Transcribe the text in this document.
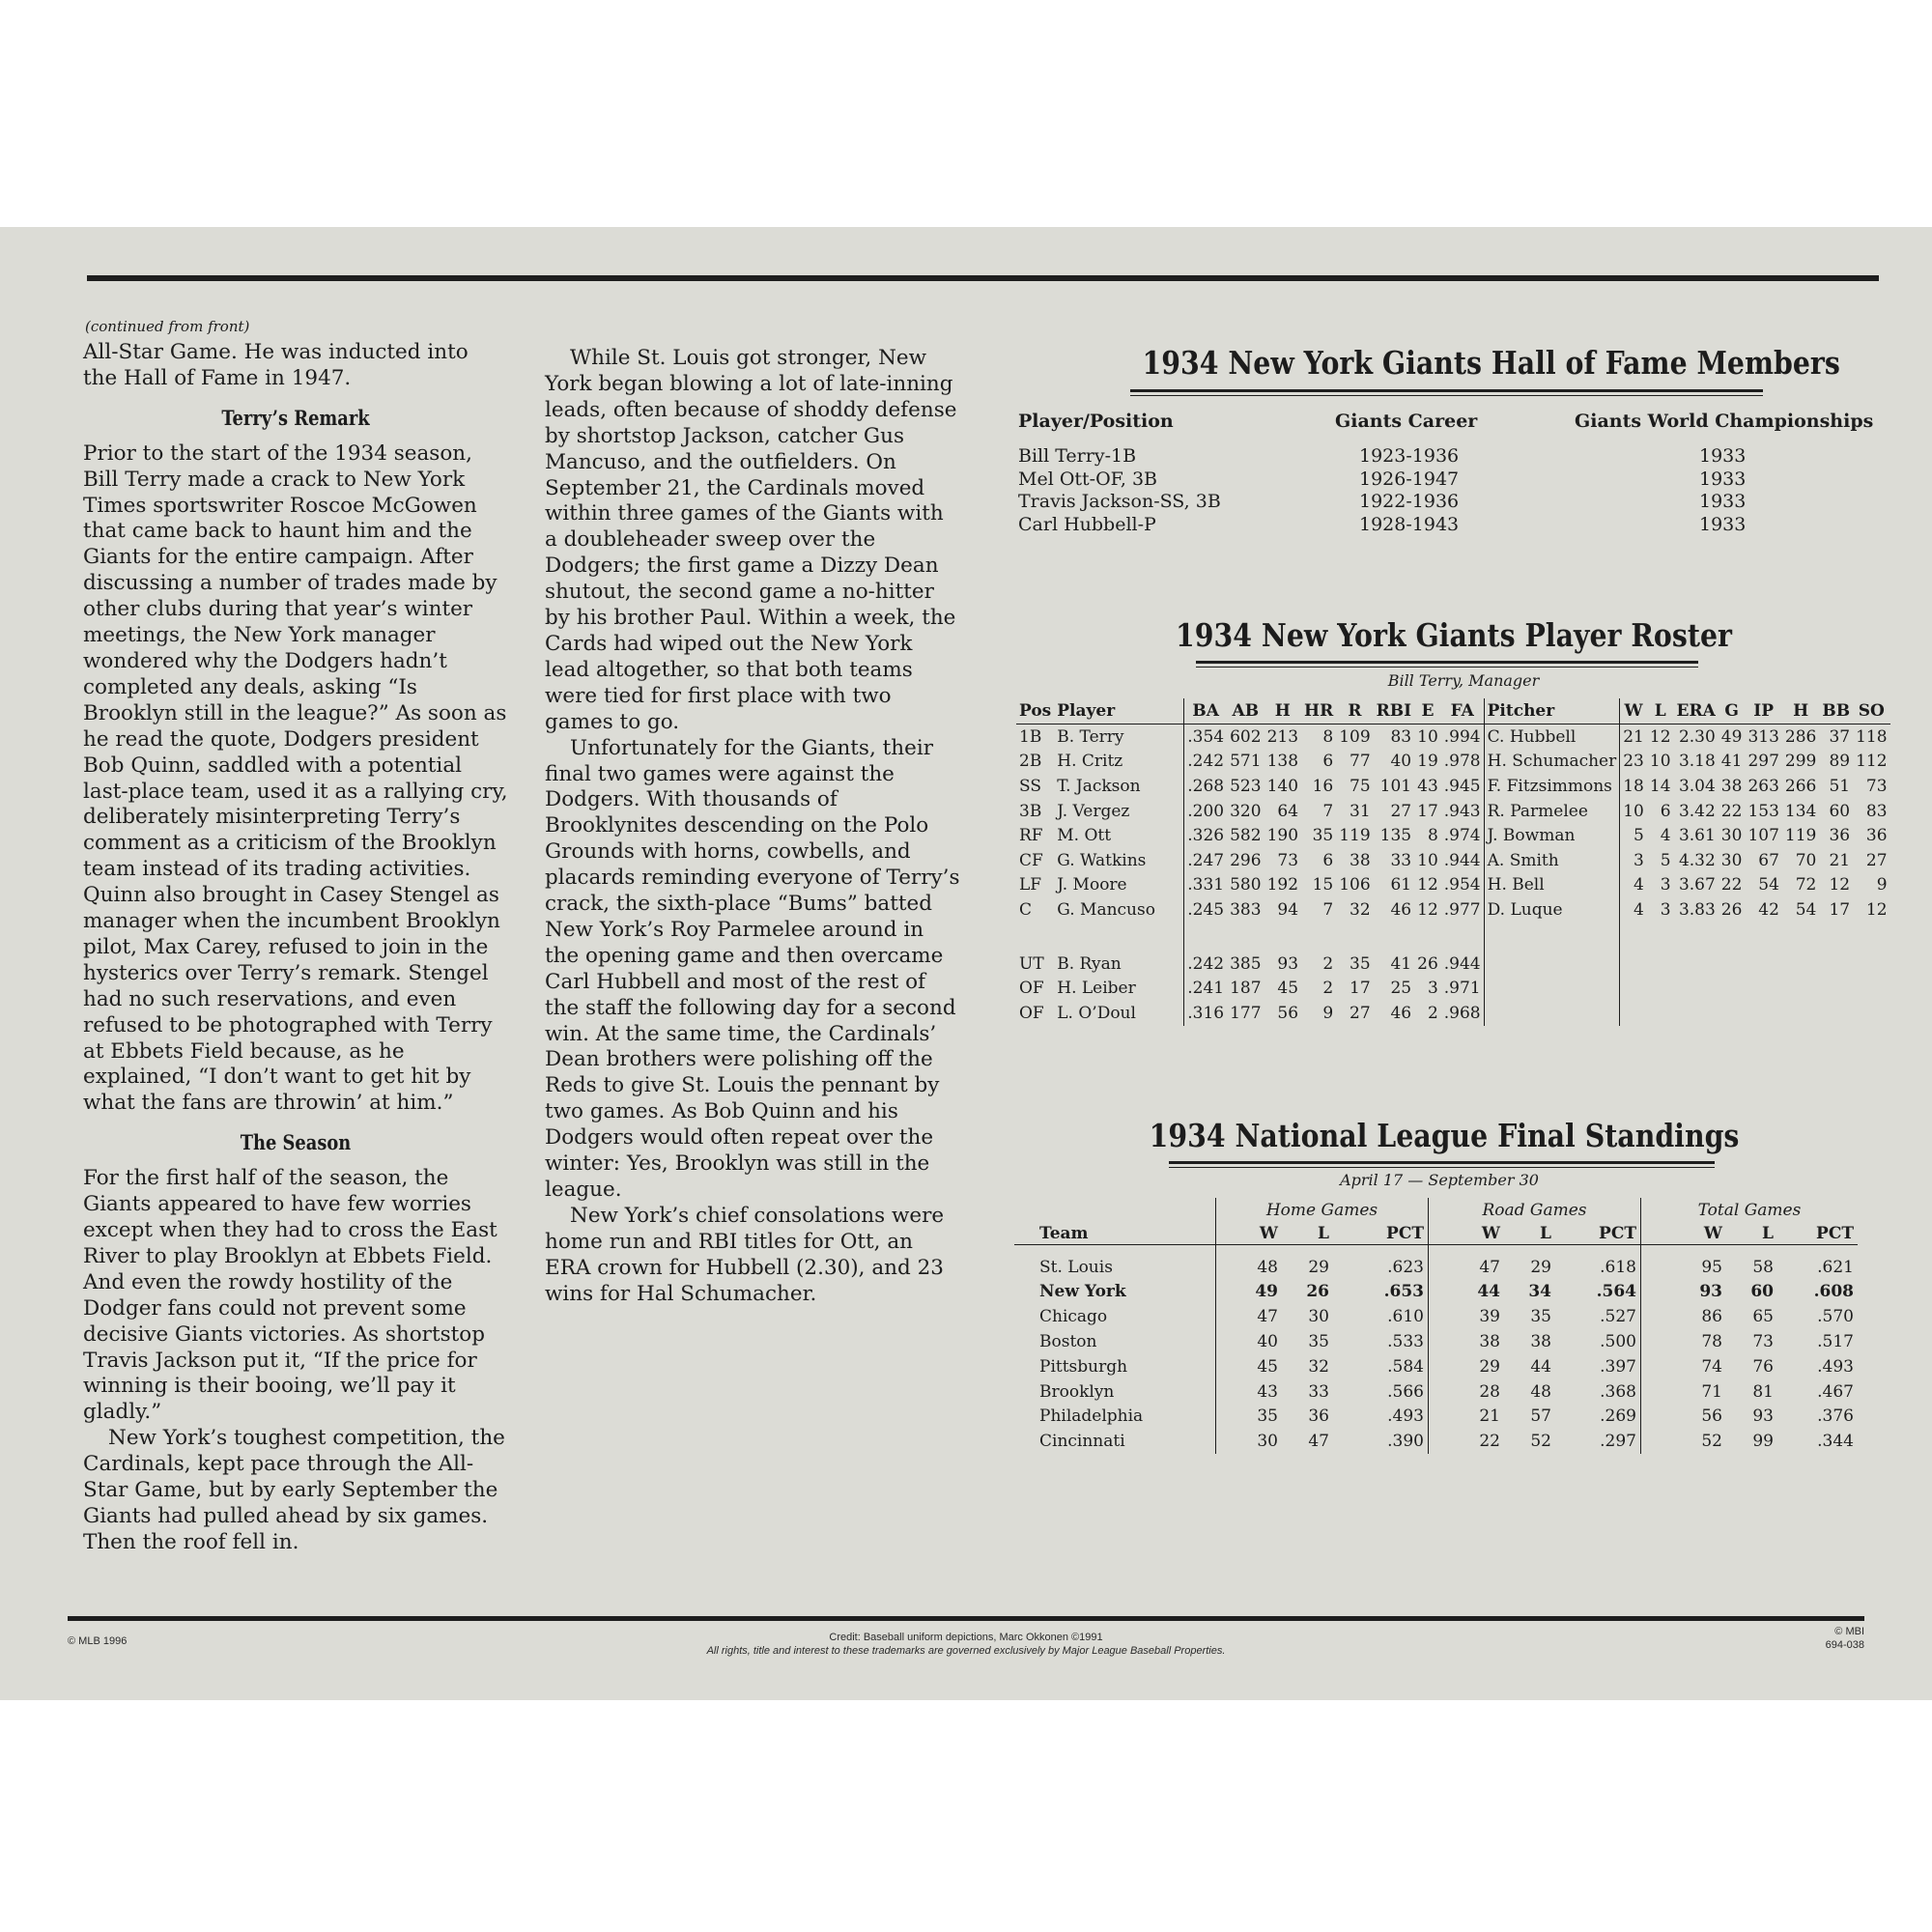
(continued from front)

All-Star Game. He was inducted into the Hall of Fame in 1947.

Terry’s Remark

Prior to the start of the 1934 season, Bill Terry made a crack to New York Times sportswriter Roscoe McGowen that came back to haunt him and the Giants for the entire campaign. After discussing a number of trades made by other clubs during that year’s winter meetings, the New York manager wondered why the Dodgers hadn’t completed any deals, asking “Is Brooklyn still in the league?” As soon as he read the quote, Dodgers president Bob Quinn, saddled with a potential last-place team, used it as a rallying cry, deliberately misinterpreting Terry’s comment as a criticism of the Brooklyn team instead of its trading activities. Quinn also brought in Casey Stengel as manager when the incumbent Brooklyn pilot, Max Carey, refused to join in the hysterics over Terry’s remark. Stengel had no such reservations, and even refused to be photographed with Terry at Ebbets Field because, as he explained, “I don’t want to get hit by what the fans are throwin’ at him.”

The Season

For the first half of the season, the Giants appeared to have few worries except when they had to cross the East River to play Brooklyn at Ebbets Field. And even the rowdy hostility of the Dodger fans could not prevent some decisive Giants victories. As shortstop Travis Jackson put it, “If the price for winning is their booing, we’ll pay it gladly.”

New York’s toughest competition, the Cardinals, kept pace through the All-Star Game, but by early September the Giants had pulled ahead by six games. Then the roof fell in.

While St. Louis got stronger, New York began blowing a lot of late-inning leads, often because of shoddy defense by shortstop Jackson, catcher Gus Mancuso, and the outfielders. On September 21, the Cardinals moved within three games of the Giants with a doubleheader sweep over the Dodgers; the first game a Dizzy Dean shutout, the second game a no-hitter by his brother Paul. Within a week, the Cards had wiped out the New York lead altogether, so that both teams were tied for first place with two games to go.

Unfortunately for the Giants, their final two games were against the Dodgers. With thousands of Brooklynites descending on the Polo Grounds with horns, cowbells, and placards reminding everyone of Terry’s crack, the sixth-place “Bums” batted New York’s Roy Parmelee around in the opening game and then overcame Carl Hubbell and most of the rest of the staff the following day for a second win. At the same time, the Cardinals’ Dean brothers were polishing off the Reds to give St. Louis the pennant by two games. As Bob Quinn and his Dodgers would often repeat over the winter: Yes, Brooklyn was still in the league.

New York’s chief consolations were home run and RBI titles for Ott, an ERA crown for Hubbell (2.30), and 23 wins for Hal Schumacher.

1934 New York Giants Hall of Fame Members
Player/Position	Giants Career	Giants World Championships
Bill Terry-1B	1923-1936	1933
Mel Ott-OF, 3B	1926-1947	1933
Travis Jackson-SS, 3B	1922-1936	1933
Carl Hubbell-P	1928-1943	1933
1934 New York Giants Player Roster
Bill Terry, Manager
Pos	Player	BA	AB	H	HR	R	RBI	E	FA	Pitcher	W	L	ERA	G	IP	H	BB	SO
1B	B. Terry	.354	602	213	8	109	83	10	.994	C. Hubbell	21	12	2.30	49	313	286	37	118
2B	H. Critz	.242	571	138	6	77	40	19	.978	H. Schumacher	23	10	3.18	41	297	299	89	112
SS	T. Jackson	.268	523	140	16	75	101	43	.945	F. Fitzsimmons	18	14	3.04	38	263	266	51	73
3B	J. Vergez	.200	320	64	7	31	27	17	.943	R. Parmelee	10	6	3.42	22	153	134	60	83
RF	M. Ott	.326	582	190	35	119	135	8	.974	J. Bowman	5	4	3.61	30	107	119	36	36
CF	G. Watkins	.247	296	73	6	38	33	10	.944	A. Smith	3	5	4.32	30	67	70	21	27
LF	J. Moore	.331	580	192	15	106	61	12	.954	H. Bell	4	3	3.67	22	54	72	12	9
C	G. Mancuso	.245	383	94	7	32	46	12	.977	D. Luque	4	3	3.83	26	42	54	17	12

UT	B. Ryan	.242	385	93	2	35	41	26	.944									
OF	H. Leiber	.241	187	45	2	17	25	3	.971									
OF	L. O’Doul	.316	177	56	9	27	46	2	.968									
1934 National League Final Standings
April 17 — September 30
	Home Games			Road Games			Total Games		
Team	W	L	PCT	W	L	PCT	W	L	PCT
St. Louis	48	29	.623	47	29	.618	95	58	.621
New York	49	26	.653	44	34	.564	93	60	.608
Chicago	47	30	.610	39	35	.527	86	65	.570
Boston	40	35	.533	38	38	.500	78	73	.517
Pittsburgh	45	32	.584	29	44	.397	74	76	.493
Brooklyn	43	33	.566	28	48	.368	71	81	.467
Philadelphia	35	36	.493	21	57	.269	56	93	.376
Cincinnati	30	47	.390	22	52	.297	52	99	.344
© MLB 1996	Credit: Baseball uniform depictions, Marc Okkonen ©1991
All rights, title and interest to these trademarks are governed exclusively by Major League Baseball Properties.
© MBI
694-038
